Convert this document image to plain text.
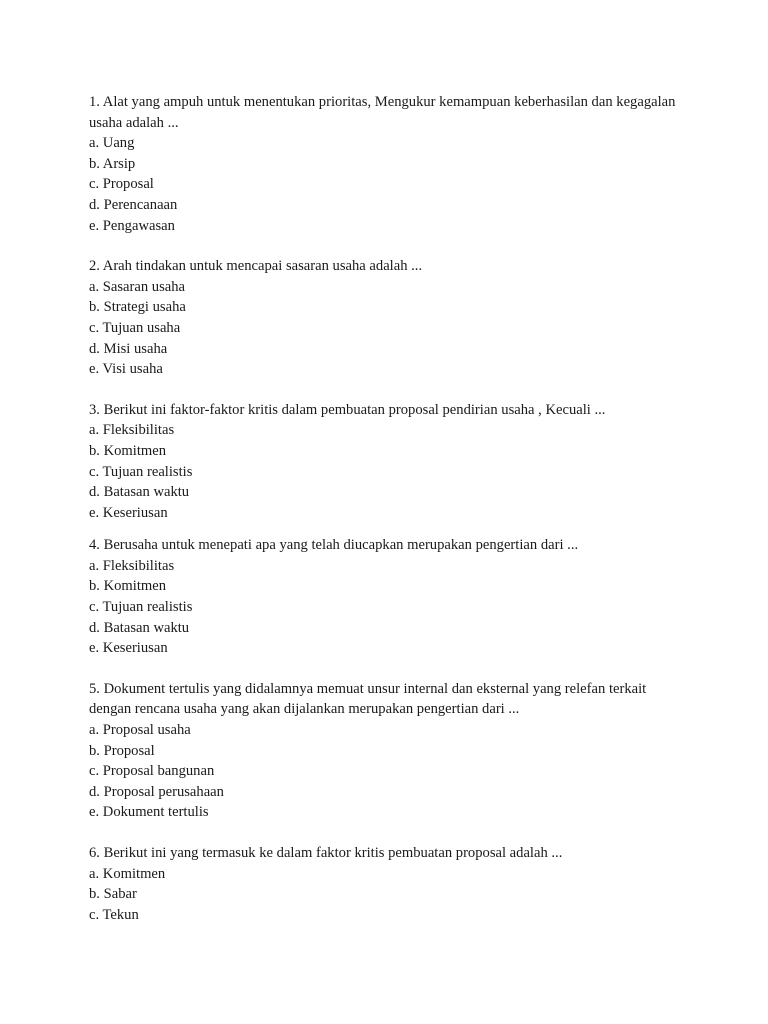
1. Alat yang ampuh untuk menentukan prioritas, Mengukur kemampuan keberhasilan dan kegagalan usaha adalah ...
a. Uang
b. Arsip
c. Proposal
d. Perencanaan
e. Pengawasan
2. Arah tindakan untuk mencapai sasaran usaha adalah ...
a. Sasaran usaha
b. Strategi usaha
c. Tujuan usaha
d. Misi usaha
e. Visi usaha
3. Berikut ini faktor-faktor kritis dalam pembuatan proposal pendirian usaha , Kecuali ...
a. Fleksibilitas
b. Komitmen
c. Tujuan realistis
d. Batasan waktu
e. Keseriusan
4. Berusaha untuk menepati apa yang telah diucapkan merupakan pengertian dari ...
a. Fleksibilitas
b. Komitmen
c. Tujuan realistis
d. Batasan waktu
e. Keseriusan
5. Dokument tertulis yang didalamnya memuat unsur internal dan eksternal yang relefan terkait dengan rencana usaha yang akan dijalankan merupakan pengertian dari ...
a. Proposal usaha
b. Proposal
c. Proposal bangunan
d. Proposal perusahaan
e. Dokument tertulis
6. Berikut ini yang termasuk ke dalam faktor kritis pembuatan proposal adalah ...
a. Komitmen
b. Sabar
c. Tekun
